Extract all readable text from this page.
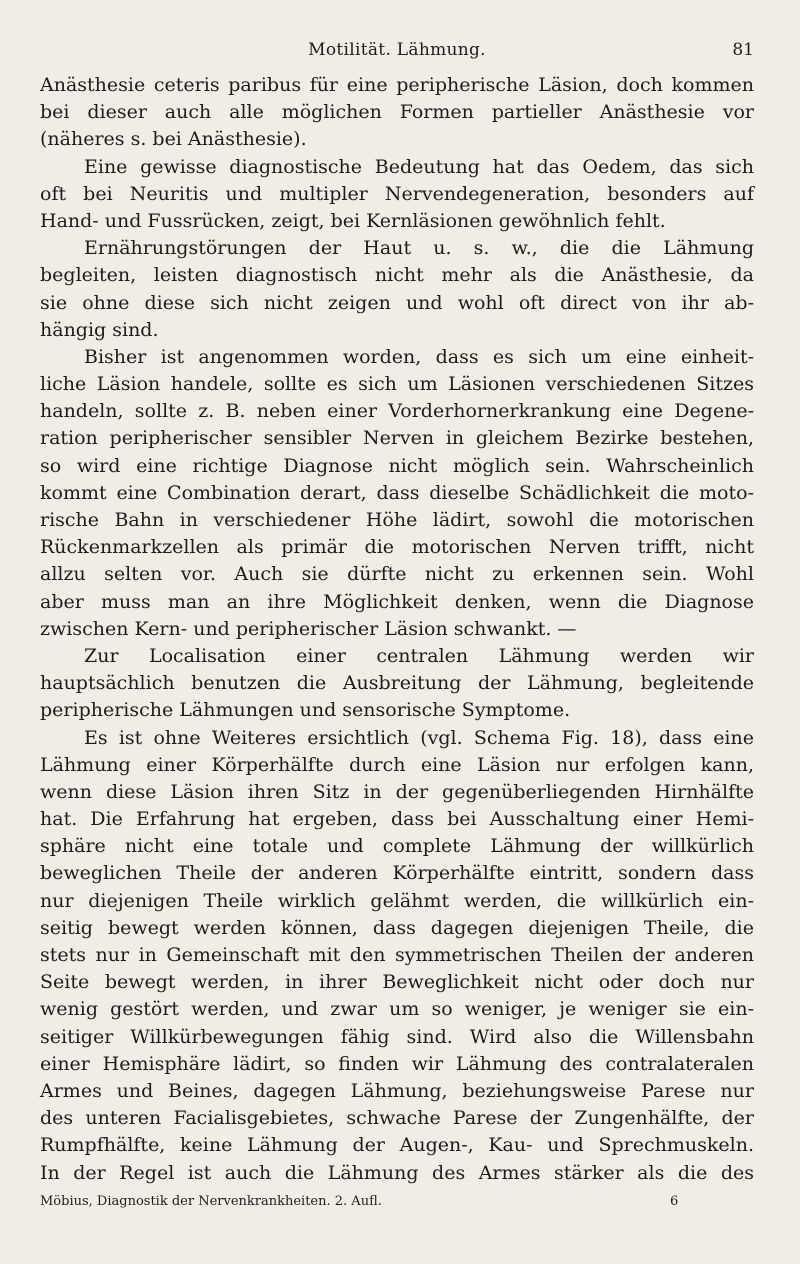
Motilität. Lähmung.	81
Anästhesie ceteris paribus für eine peripherische Läsion, doch kommen
bei dieser auch alle möglichen Formen partieller Anästhesie vor
(näheres s. bei Anästhesie).
Eine gewisse diagnostische Bedeutung hat das Oedem, das sich
oft bei Neuritis und multipler Nervendegeneration, besonders auf
Hand- und Fussrücken, zeigt, bei Kernläsionen gewöhnlich fehlt.
Ernährungstörungen der Haut u. s. w., die die Lähmung
begleiten, leisten diagnostisch nicht mehr als die Anästhesie, da
sie ohne diese sich nicht zeigen und wohl oft direct von ihr ab-
hängig sind.
Bisher ist angenommen worden, dass es sich um eine einheit-
liche Läsion handele, sollte es sich um Läsionen verschiedenen Sitzes
handeln, sollte z. B. neben einer Vorderhornerkrankung eine Degene-
ration peripherischer sensibler Nerven in gleichem Bezirke bestehen,
so wird eine richtige Diagnose nicht möglich sein. Wahrscheinlich
kommt eine Combination derart, dass dieselbe Schädlichkeit die moto-
rische Bahn in verschiedener Höhe lädirt, sowohl die motorischen
Rückenmarkzellen als primär die motorischen Nerven trifft, nicht
allzu selten vor. Auch sie dürfte nicht zu erkennen sein. Wohl
aber muss man an ihre Möglichkeit denken, wenn die Diagnose
zwischen Kern- und peripherischer Läsion schwankt. —
Zur Localisation einer centralen Lähmung werden wir
hauptsächlich benutzen die Ausbreitung der Lähmung, begleitende
peripherische Lähmungen und sensorische Symptome.
Es ist ohne Weiteres ersichtlich (vgl. Schema Fig. 18), dass eine
Lähmung einer Körperhälfte durch eine Läsion nur erfolgen kann,
wenn diese Läsion ihren Sitz in der gegenüberliegenden Hirnhälfte
hat. Die Erfahrung hat ergeben, dass bei Ausschaltung einer Hemi-
sphäre nicht eine totale und complete Lähmung der willkürlich
beweglichen Theile der anderen Körperhälfte eintritt, sondern dass
nur diejenigen Theile wirklich gelähmt werden, die willkürlich ein-
seitig bewegt werden können, dass dagegen diejenigen Theile, die
stets nur in Gemeinschaft mit den symmetrischen Theilen der anderen
Seite bewegt werden, in ihrer Beweglichkeit nicht oder doch nur
wenig gestört werden, und zwar um so weniger, je weniger sie ein-
seitiger Willkürbewegungen fähig sind. Wird also die Willensbahn
einer Hemisphäre lädirt, so finden wir Lähmung des contralateralen
Armes und Beines, dagegen Lähmung, beziehungsweise Parese nur
des unteren Facialisgebietes, schwache Parese der Zungenhälfte, der
Rumpfhälfte, keine Lähmung der Augen-, Kau- und Sprechmuskeln.
In der Regel ist auch die Lähmung des Armes stärker als die des
Möbius, Diagnostik der Nervenkrankheiten. 2. Aufl.	6
